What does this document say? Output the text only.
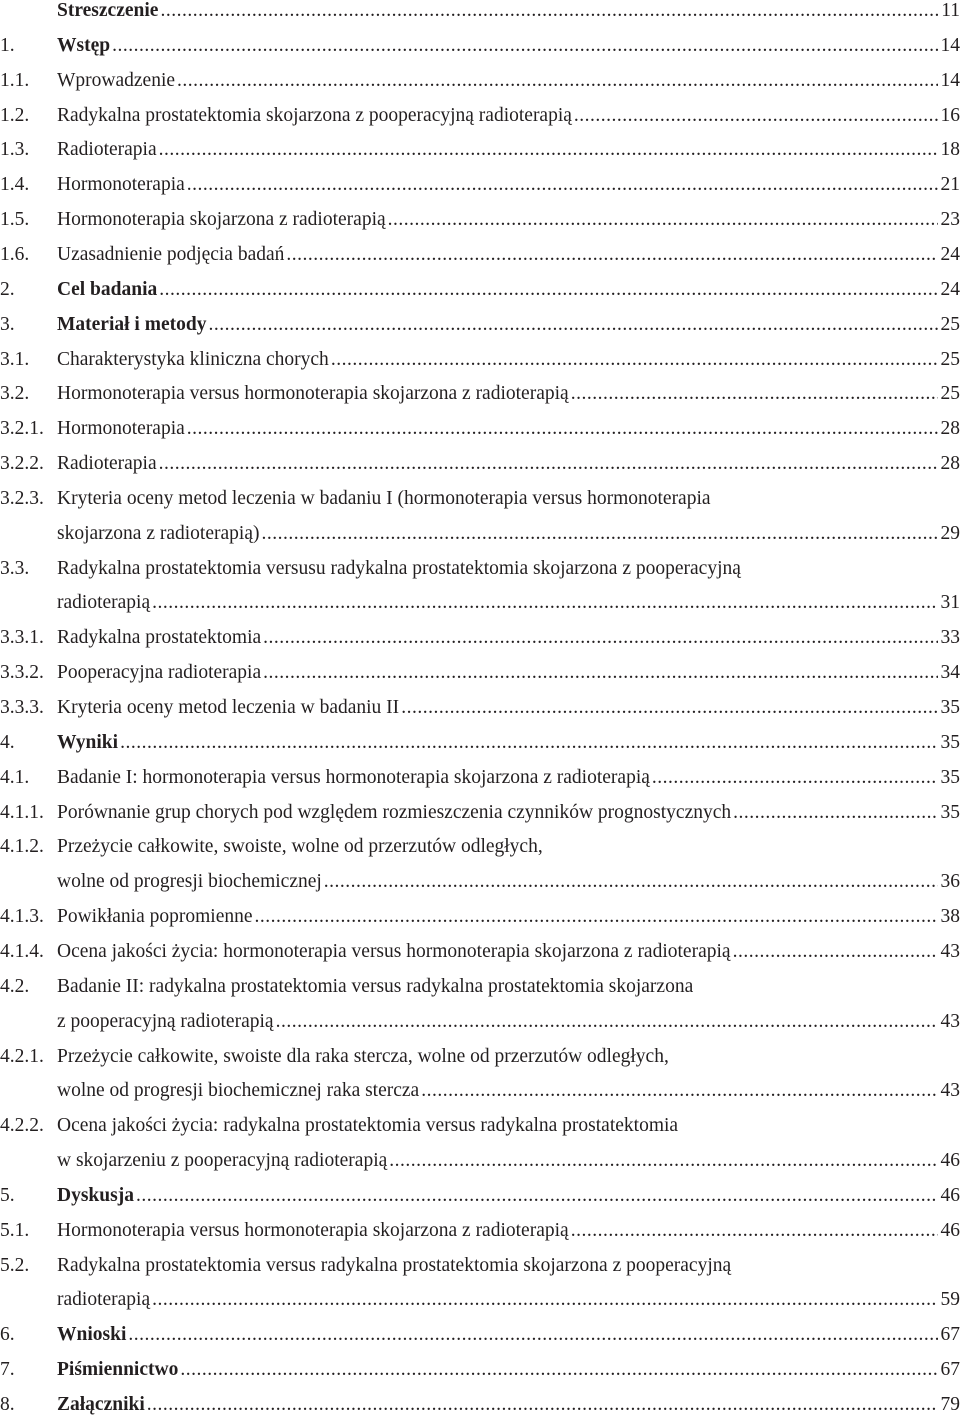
Streszczenie .....	11
1. Wstęp .....	14
1.1. Wprowadzenie .....	14
1.2. Radykalna prostatektomia skojarzona z pooperacyjną radioterapią .....	16
1.3. Radioterapia .....	18
1.4. Hormonoterapia .....	21
1.5. Hormonoterapia skojarzona z radioterapią .....	23
1.6. Uzasadnienie podjęcia badań .....	24
2. Cel badania .....	24
3. Materiał i metody .....	25
3.1. Charakterystyka kliniczna chorych .....	25
3.2. Hormonoterapia versus hormonoterapia skojarzona z radioterapią .....	25
3.2.1. Hormonoterapia .....	28
3.2.2. Radioterapia .....	28
3.2.3. Kryteria oceny metod leczenia w badaniu I (hormonoterapia versus hormonoterapia
skojarzona z radioterapią) .....	29
3.3. Radykalna prostatektomia versusu radykalna prostatektomia skojarzona z pooperacyjną
radioterapią .....	31
3.3.1. Radykalna prostatektomia .....	33
3.3.2. Pooperacyjna radioterapia .....	34
3.3.3. Kryteria oceny metod leczenia w badaniu II .....	35
4. Wyniki .....	35
4.1. Badanie I: hormonoterapia versus hormonoterapia skojarzona z radioterapią .....	35
4.1.1. Porównanie grup chorych pod względem rozmieszczenia czynników prognostycznych .....	35
4.1.2. Przeżycie całkowite, swoiste, wolne od przerzutów odległych,
wolne od progresji biochemicznej .....	36
4.1.3. Powikłania popromienne .....	38
4.1.4. Ocena jakości życia: hormonoterapia versus hormonoterapia skojarzona z radioterapią .....	43
4.2. Badanie II: radykalna prostatektomia versus radykalna prostatektomia skojarzona
z pooperacyjną radioterapią .....	43
4.2.1. Przeżycie całkowite, swoiste dla raka stercza, wolne od przerzutów odległych,
wolne od progresji biochemicznej raka stercza .....	43
4.2.2. Ocena jakości życia: radykalna prostatektomia versus radykalna prostatektomia
w skojarzeniu z pooperacyjną radioterapią .....	46
5. Dyskusja .....	46
5.1. Hormonoterapia versus hormonoterapia skojarzona z radioterapią .....	46
5.2. Radykalna prostatektomia versus radykalna prostatektomia skojarzona z pooperacyjną
radioterapią .....	59
6. Wnioski .....	67
7. Piśmiennictwo .....	67
8. Załączniki .....	79
